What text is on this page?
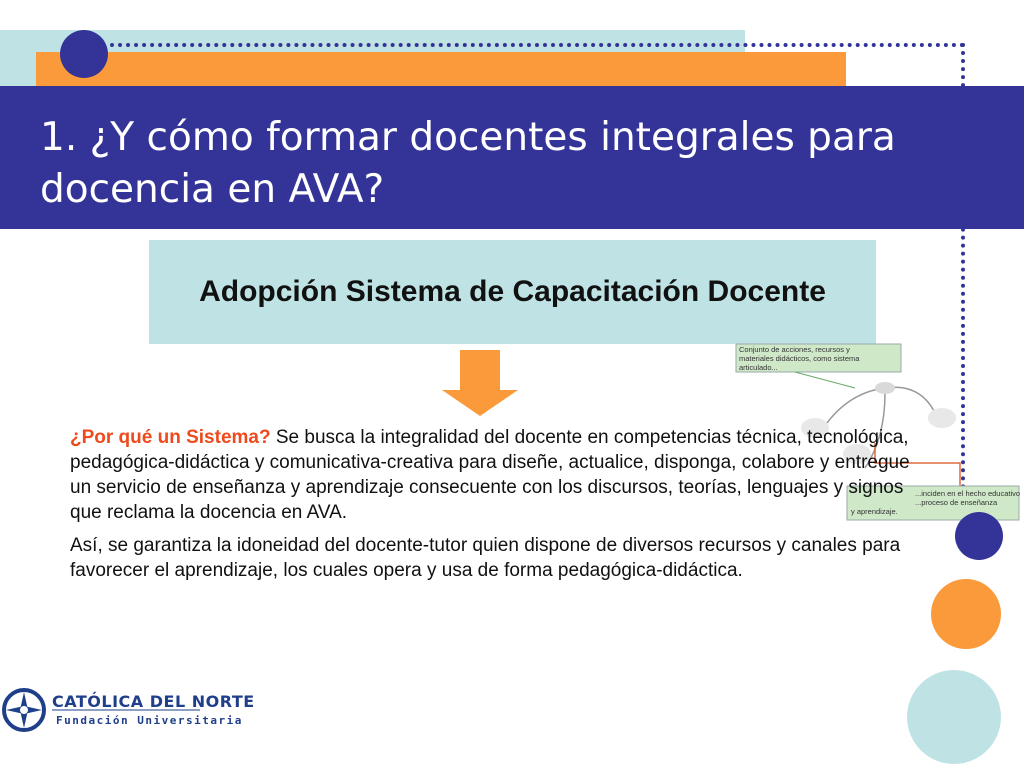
1. ¿Y cómo formar docentes integrales para docencia en AVA?
Adopción Sistema de Capacitación Docente
Conjunto de acciones, recursos y materiales didácticos, como sistema articulado...
...inciden en el hecho educativo ...proceso de enseñanza y aprendizaje.

¿Por qué un Sistema? Se busca la integralidad del docente en competencias técnica, tecnológica, pedagógica-didáctica y comunicativa-creativa para diseñe, actualice, disponga, colabore y entregue un servicio de enseñanza y aprendizaje consecuente con los discursos, teorías, lenguajes y signos que reclama la docencia en AVA.

Así, se garantiza la idoneidad del docente-tutor quien dispone de diversos recursos y canales para favorecer el aprendizaje, los cuales opera y usa de forma pedagógica-didáctica.

CATÓLICA DEL NORTE
Fundación Universitaria
